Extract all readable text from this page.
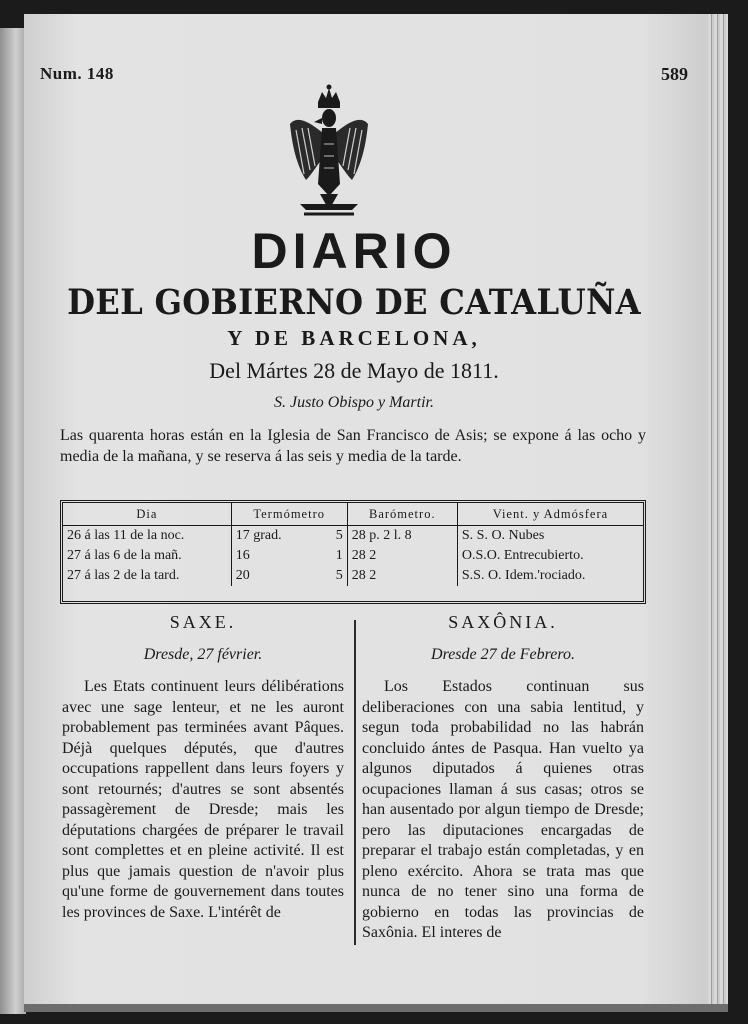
Num. 148	589
DIARIO
DEL GOBIERNO DE CATALUÑA
Y DE BARCELONA,
Del Mártes 28 de Mayo de 1811.
S. Justo Obispo y Martir.

Las quarenta horas están en la Iglesia de San Francisco de Asis; se expone á las ocho y media de la mañana, y se reserva á las seis y media de la tarde.

Dia	Termómetro	Barómetro.	Vient. y Admósfera
26 á las 11 de la noc.	17 grad. 5	28 p. 2 l. 8	S. S. O. Nubes
27 á las 6 de la mañ.	16 1	28 2	O.S.O. Entrecubierto.
27 á las 2 de la tard.	20 5	28 2	S.S. O. Idem.'rociado.

SAXE.

Dresde, 27 février.

Les Etats continuent leurs délibérations avec une sage lenteur, et ne les auront probablement pas terminées avant Pâques. Déjà quelques députés, que d'autres occupations rappellent dans leurs foyers y sont retournés; d'autres se sont absentés passagèrement de Dresde; mais les députations chargées de préparer le travail sont complettes et en pleine activité. Il est plus que jamais question de n'avoir plus qu'une forme de gouvernement dans toutes les provinces de Saxe. L'intérêt de

SAXÔNIA.

Dresde 27 de Febrero.

Los Estados continuan sus deliberaciones con una sabia lentitud, y segun toda probabilidad no las habrán concluido ántes de Pasqua. Han vuelto ya algunos diputados á quienes otras ocupaciones llaman á sus casas; otros se han ausentado por algun tiempo de Dresde; pero las diputaciones encargadas de preparar el trabajo están completadas, y en pleno exército. Ahora se trata mas que nunca de no tener sino una forma de gobierno en todas las provincias de Saxônia. El interes de
